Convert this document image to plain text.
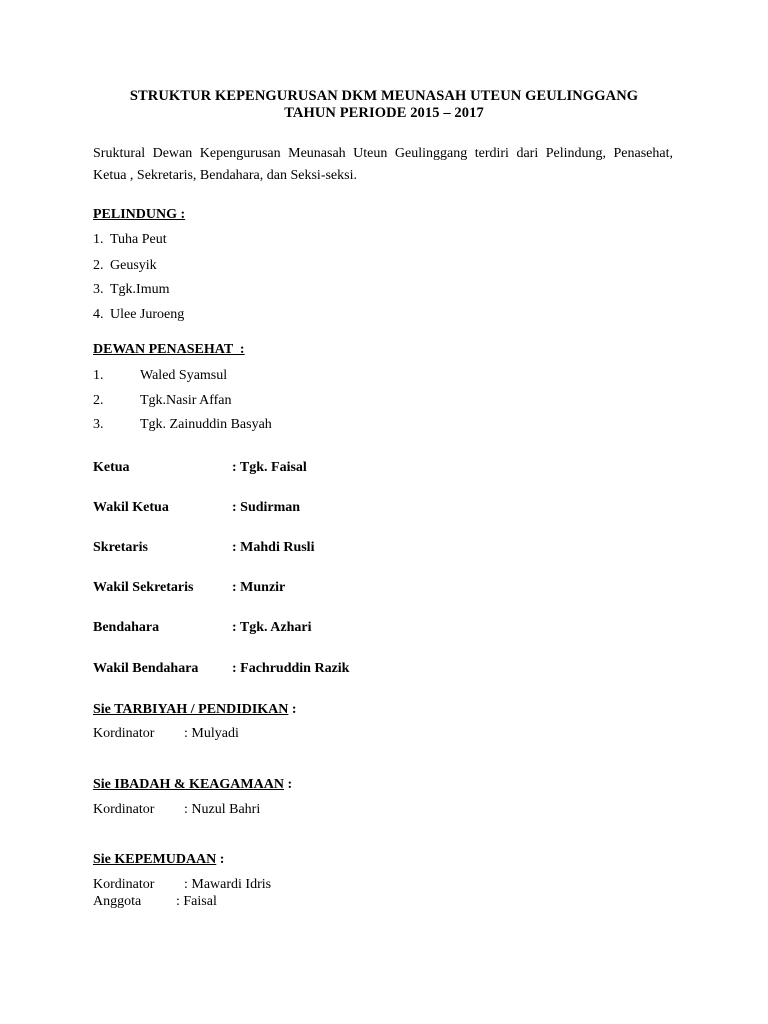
STRUKTUR KEPENGURUSAN DKM MEUNASAH UTEUN GEULINGGANG
TAHUN PERIODE 2015 – 2017
Sruktural Dewan Kepengurusan Meunasah Uteun Geulinggang terdiri dari Pelindung, Penasehat, Ketua , Sekretaris, Bendahara, dan Seksi-seksi.
PELINDUNG :
1. Tuha Peut
2. Geusyik
3. Tgk.Imum
4. Ulee Juroeng
DEWAN PENASEHAT  :
1.	Waled Syamsul
2.	Tgk.Nasir Affan
3.	Tgk. Zainuddin Basyah
Ketua	: Tgk. Faisal
Wakil Ketua	: Sudirman
Skretaris	: Mahdi Rusli
Wakil Sekretaris	: Munzir
Bendahara	: Tgk. Azhari
Wakil Bendahara : Fachruddin Razik
Sie TARBIYAH / PENDIDIKAN :
Kordinator : Mulyadi
Sie IBADAH & KEAGAMAAN :
Kordinator : Nuzul Bahri
Sie KEPEMUDAAN :
Kordinator : Mawardi Idris
Anggota : Faisal
